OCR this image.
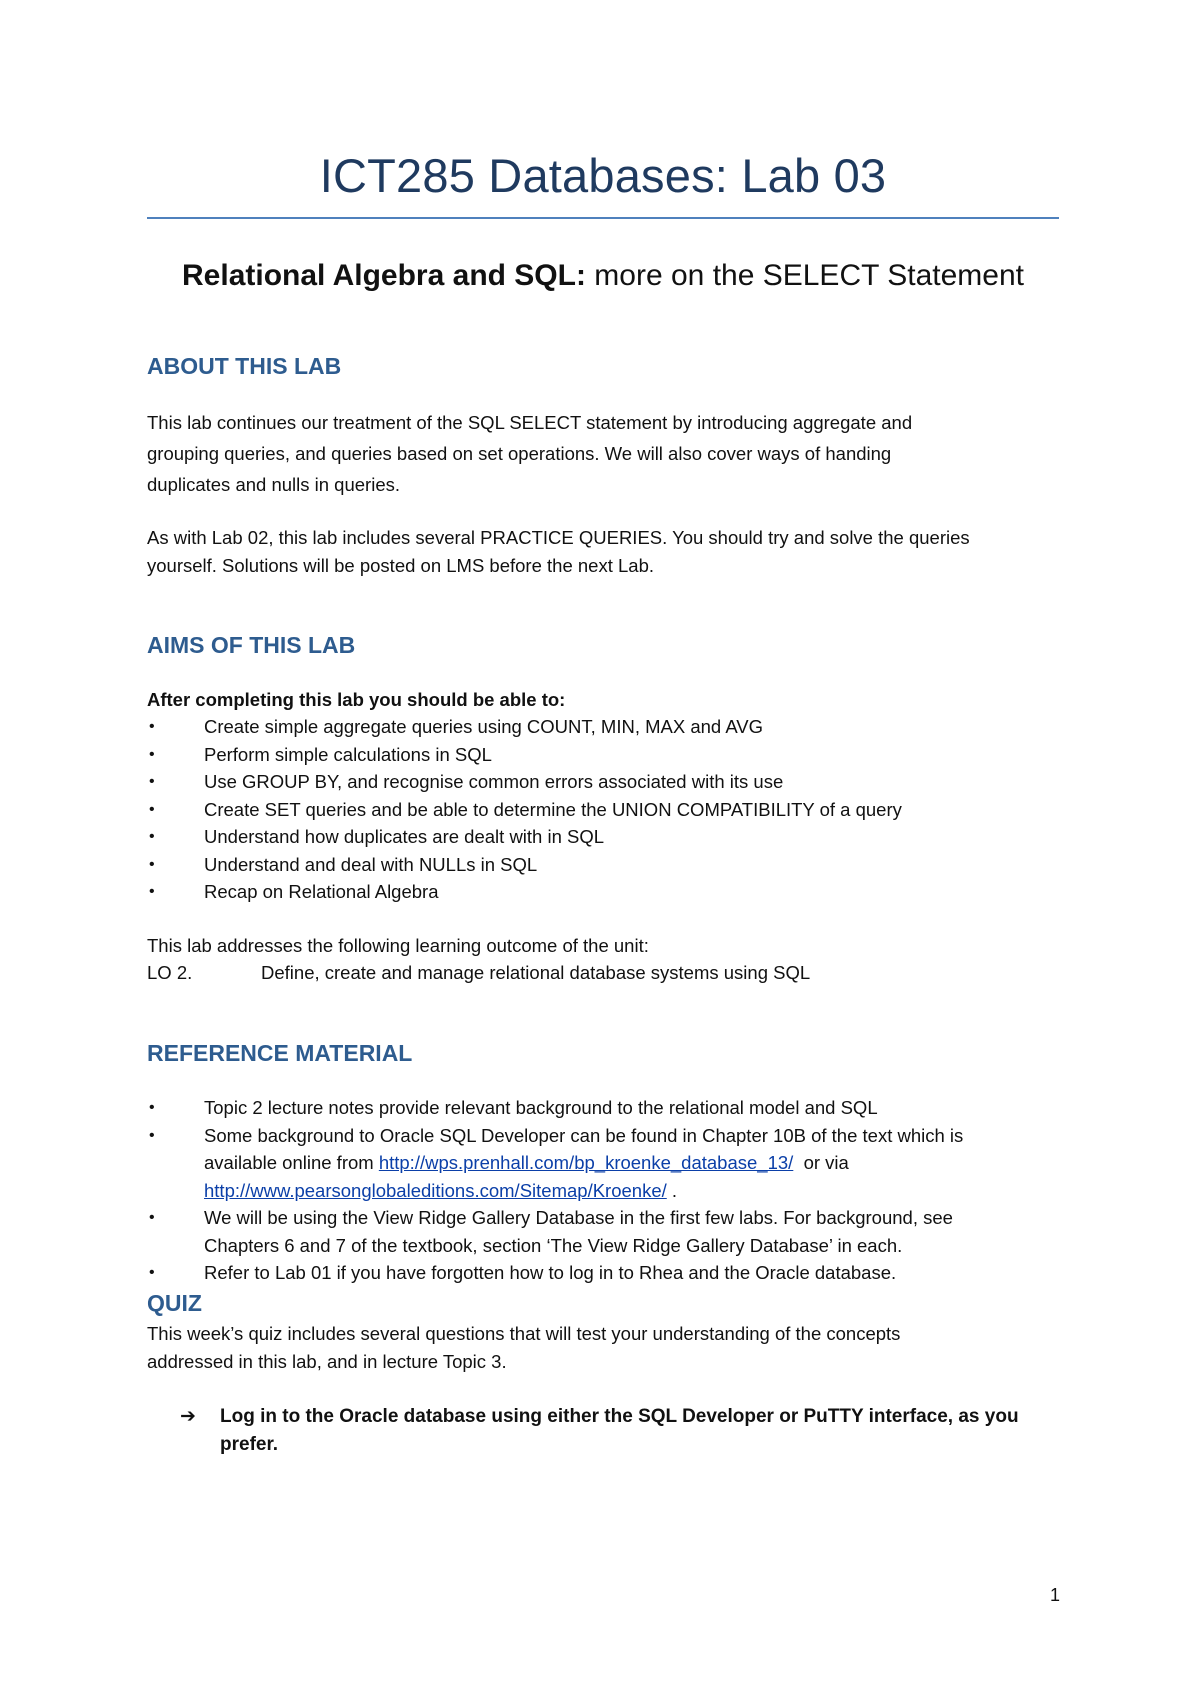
ICT285 Databases: Lab 03
Relational Algebra and SQL: more on the SELECT Statement
ABOUT THIS LAB
This lab continues our treatment of the SQL SELECT statement by introducing aggregate and
grouping queries, and queries based on set operations. We will also cover ways of handing
duplicates and nulls in queries.
As with Lab 02, this lab includes several PRACTICE QUERIES. You should try and solve the queries
yourself. Solutions will be posted on LMS before the next Lab.
AIMS OF THIS LAB
After completing this lab you should be able to:
•	Create simple aggregate queries using COUNT, MIN, MAX and AVG
•	Perform simple calculations in SQL
•	Use GROUP BY, and recognise common errors associated with its use
•	Create SET queries and be able to determine the UNION COMPATIBILITY of a query
•	Understand how duplicates are dealt with in SQL
•	Understand and deal with NULLs in SQL
•	Recap on Relational Algebra
This lab addresses the following learning outcome of the unit:
LO 2.	Define, create and manage relational database systems using SQL
REFERENCE MATERIAL
•	Topic 2 lecture notes provide relevant background to the relational model and SQL
•	Some background to Oracle SQL Developer can be found in Chapter 10B of the text which is
available online from http://wps.prenhall.com/bp_kroenke_database_13/  or via
http://www.pearsonglobaleditions.com/Sitemap/Kroenke/ .
•	We will be using the View Ridge Gallery Database in the first few labs. For background, see
Chapters 6 and 7 of the textbook, section ‘The View Ridge Gallery Database’ in each.
•	Refer to Lab 01 if you have forgotten how to log in to Rhea and the Oracle database.
QUIZ
This week’s quiz includes several questions that will test your understanding of the concepts
addressed in this lab, and in lecture Topic 3.
➔	Log in to the Oracle database using either the SQL Developer or PuTTY interface, as you
prefer.
1
